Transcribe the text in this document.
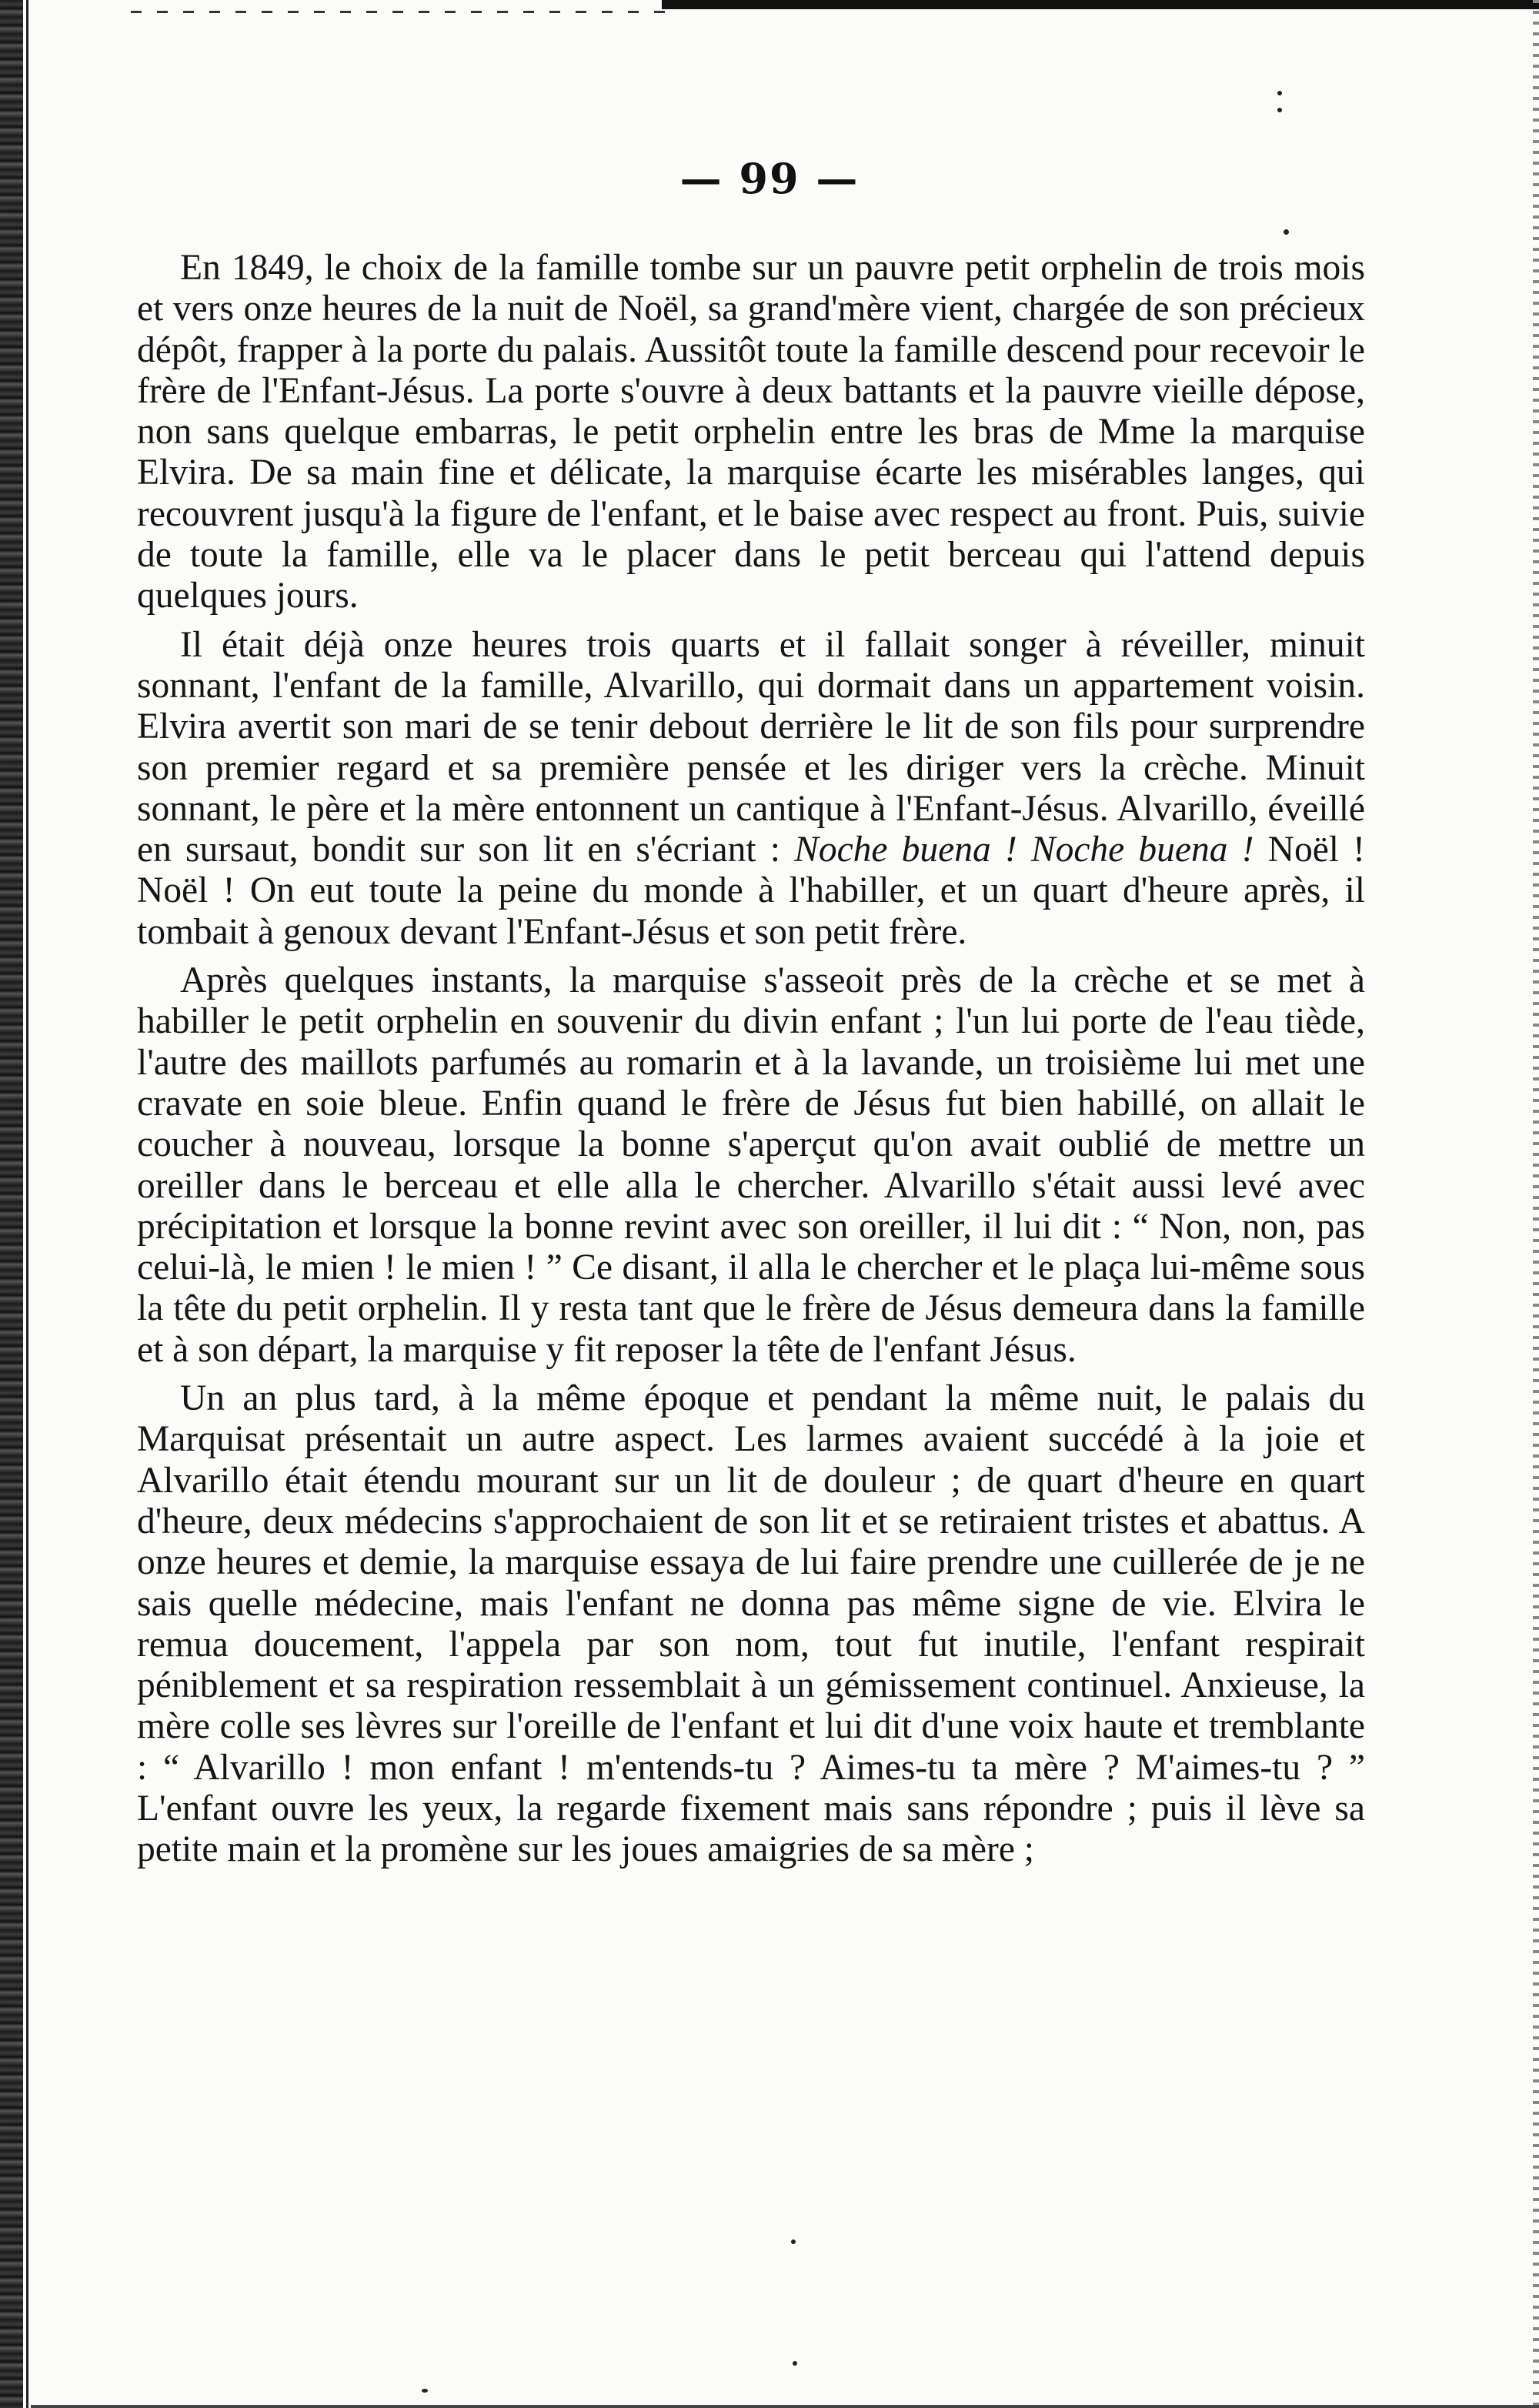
— 99 —

En 1849, le choix de la famille tombe sur un pauvre petit orphelin de trois mois et vers onze heures de la nuit de Noël, sa grand'mère vient, chargée de son précieux dépôt, frapper à la porte du palais. Aussitôt toute la famille descend pour recevoir le frère de l'Enfant-Jésus. La porte s'ouvre à deux battants et la pauvre vieille dépose, non sans quelque embarras, le petit orphelin entre les bras de Mme la marquise Elvira. De sa main fine et délicate, la marquise écarte les misérables langes, qui recouvrent jusqu'à la figure de l'enfant, et le baise avec respect au front. Puis, suivie de toute la famille, elle va le placer dans le petit berceau qui l'attend depuis quelques jours.

Il était déjà onze heures trois quarts et il fallait songer à réveiller, minuit sonnant, l'enfant de la famille, Alvarillo, qui dormait dans un appartement voisin. Elvira avertit son mari de se tenir debout derrière le lit de son fils pour surprendre son premier regard et sa première pensée et les diriger vers la crèche. Minuit sonnant, le père et la mère entonnent un cantique à l'Enfant-Jésus. Alvarillo, éveillé en sursaut, bondit sur son lit en s'écriant : Noche buena ! Noche buena ! Noël ! Noël ! On eut toute la peine du monde à l'habiller, et un quart d'heure après, il tombait à genoux devant l'Enfant-Jésus et son petit frère.

Après quelques instants, la marquise s'asseoit près de la crèche et se met à habiller le petit orphelin en souvenir du divin enfant ; l'un lui porte de l'eau tiède, l'autre des maillots parfumés au romarin et à la lavande, un troisième lui met une cravate en soie bleue. Enfin quand le frère de Jésus fut bien habillé, on allait le coucher à nouveau, lorsque la bonne s'aperçut qu'on avait oublié de mettre un oreiller dans le berceau et elle alla le chercher. Alvarillo s'était aussi levé avec précipitation et lorsque la bonne revint avec son oreiller, il lui dit : “ Non, non, pas celui-là, le mien ! le mien ! ” Ce disant, il alla le chercher et le plaça lui-même sous la tête du petit orphelin. Il y resta tant que le frère de Jésus demeura dans la famille et à son départ, la marquise y fit reposer la tête de l'enfant Jésus.

Un an plus tard, à la même époque et pendant la même nuit, le palais du Marquisat présentait un autre aspect. Les larmes avaient succédé à la joie et Alvarillo était étendu mourant sur un lit de douleur ; de quart d'heure en quart d'heure, deux médecins s'approchaient de son lit et se retiraient tristes et abattus. A onze heures et demie, la marquise essaya de lui faire prendre une cuillerée de je ne sais quelle médecine, mais l'enfant ne donna pas même signe de vie. Elvira le remua doucement, l'appela par son nom, tout fut inutile, l'enfant respirait péniblement et sa respiration ressemblait à un gémissement continuel. Anxieuse, la mère colle ses lèvres sur l'oreille de l'enfant et lui dit d'une voix haute et tremblante : “ Alvarillo ! mon enfant ! m'entends-tu ? Aimes-tu ta mère ? M'aimes-tu ? ” L'enfant ouvre les yeux, la regarde fixement mais sans répondre ; puis il lève sa petite main et la promène sur les joues amaigries de sa mère ;
